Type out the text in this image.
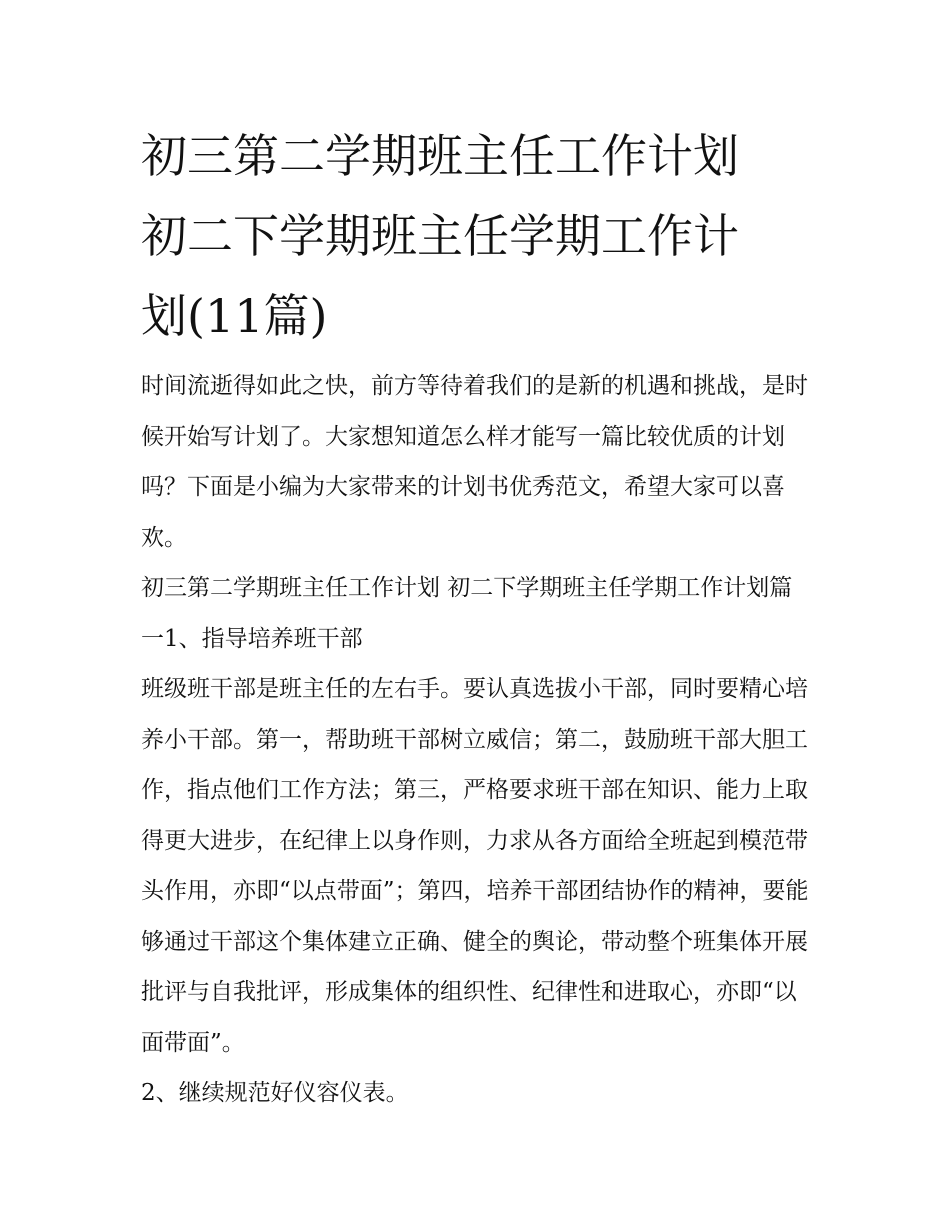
初三第二学期班主任工作计划
初二下学期班主任学期工作计
划(11篇)

时间流逝得如此之快，前方等待着我们的是新的机遇和挑战，是时候开始写计划了。大家想知道怎么样才能写一篇比较优质的计划吗？下面是小编为大家带来的计划书优秀范文，希望大家可以喜欢。

初三第二学期班主任工作计划 初二下学期班主任学期工作计划篇一1、指导培养班干部

班级班干部是班主任的左右手。要认真选拔小干部，同时要精心培养小干部。第一，帮助班干部树立威信；第二，鼓励班干部大胆工作，指点他们工作方法；第三，严格要求班干部在知识、能力上取得更大进步，在纪律上以身作则，力求从各方面给全班起到模范带头作用，亦即“以点带面”；第四，培养干部团结协作的精神，要能够通过干部这个集体建立正确、健全的舆论，带动整个班集体开展批评与自我批评，形成集体的组织性、纪律性和进取心，亦即“以面带面”。

2、继续规范好仪容仪表。
